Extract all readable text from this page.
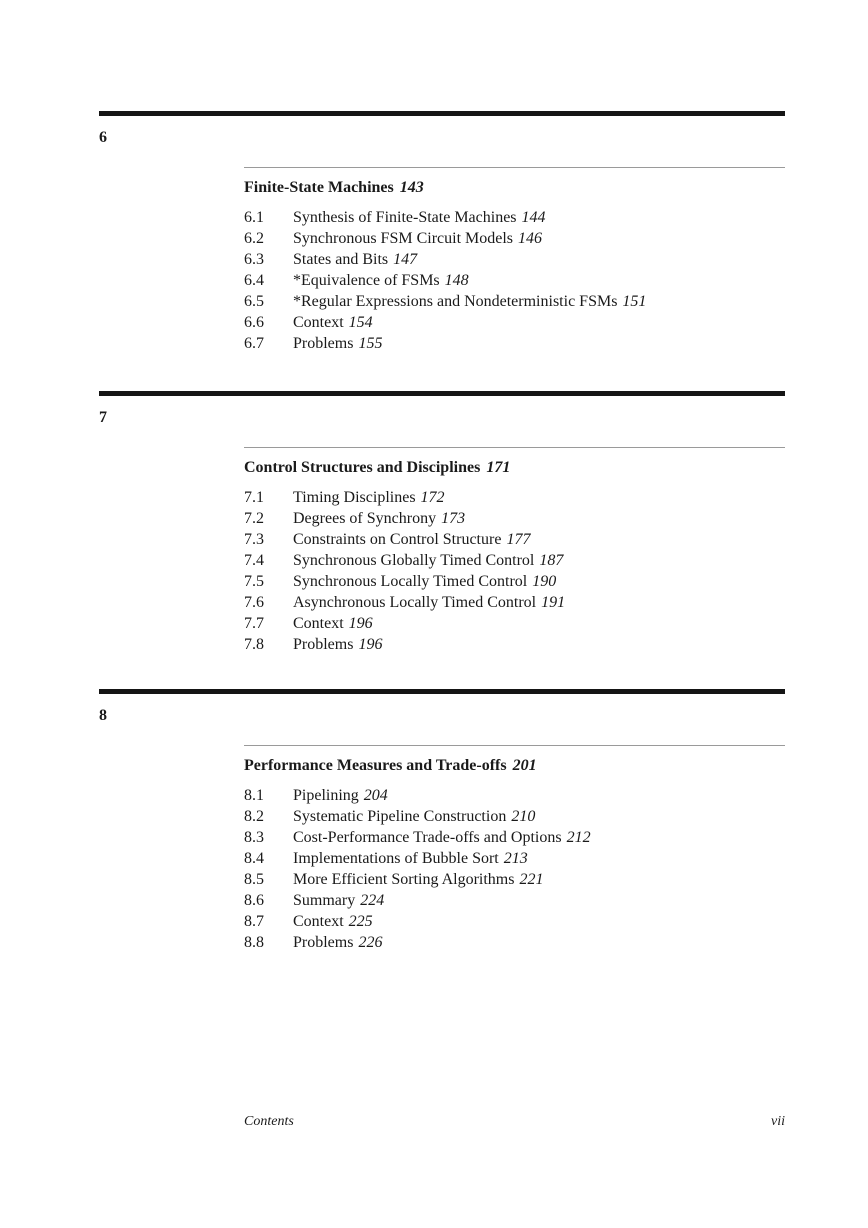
6
Finite-State Machines 143
6.1 Synthesis of Finite-State Machines 144
6.2 Synchronous FSM Circuit Models 146
6.3 States and Bits 147
6.4 *Equivalence of FSMs 148
6.5 *Regular Expressions and Nondeterministic FSMs 151
6.6 Context 154
6.7 Problems 155
7
Control Structures and Disciplines 171
7.1 Timing Disciplines 172
7.2 Degrees of Synchrony 173
7.3 Constraints on Control Structure 177
7.4 Synchronous Globally Timed Control 187
7.5 Synchronous Locally Timed Control 190
7.6 Asynchronous Locally Timed Control 191
7.7 Context 196
7.8 Problems 196
8
Performance Measures and Trade-offs 201
8.1 Pipelining 204
8.2 Systematic Pipeline Construction 210
8.3 Cost-Performance Trade-offs and Options 212
8.4 Implementations of Bubble Sort 213
8.5 More Efficient Sorting Algorithms 221
8.6 Summary 224
8.7 Context 225
8.8 Problems 226
Contents	vii
